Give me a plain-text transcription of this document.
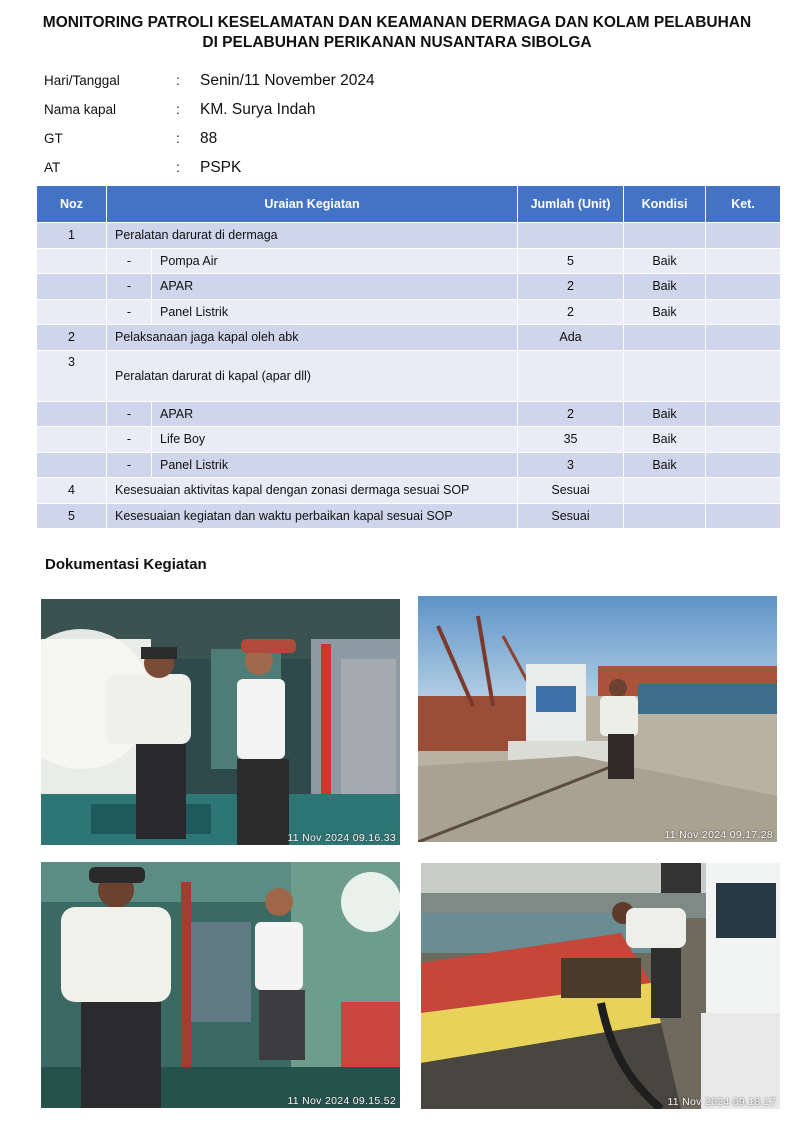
MONITORING PATROLI KESELAMATAN DAN KEAMANAN DERMAGA DAN KOLAM PELABUHAN
DI PELABUHAN PERIKANAN NUSANTARA SIBOLGA
Hari/Tanggal	:	Senin/11 November 2024
Nama kapal	:	KM. Surya Indah
GT	:	88
AT	:	PSPK
Noz	Uraian Kegiatan		Jumlah (Unit)	Kondisi	Ket.
1	Peralatan darurat di dermaga				
	-	Pompa Air	5	Baik	
	-	APAR	2	Baik	
	-	Panel Listrik	2	Baik	
2	Pelaksanaan jaga kapal oleh abk		Ada		
3	Peralatan darurat di kapal (apar dll)				
	-	APAR	2	Baik	
	-	Life Boy	35	Baik	
	-	Panel Listrik	3	Baik	
4	Kesesuaian aktivitas kapal dengan zonasi dermaga sesuai SOP		Sesuai		
5	Kesesuaian kegiatan dan waktu perbaikan kapal sesuai SOP		Sesuai		
Dokumentasi Kegiatan
11 Nov 2024 09.16.33	11 Nov 2024 09.17.28
11 Nov 2024 09.15.52	11 Nov 2024 09.18.17
